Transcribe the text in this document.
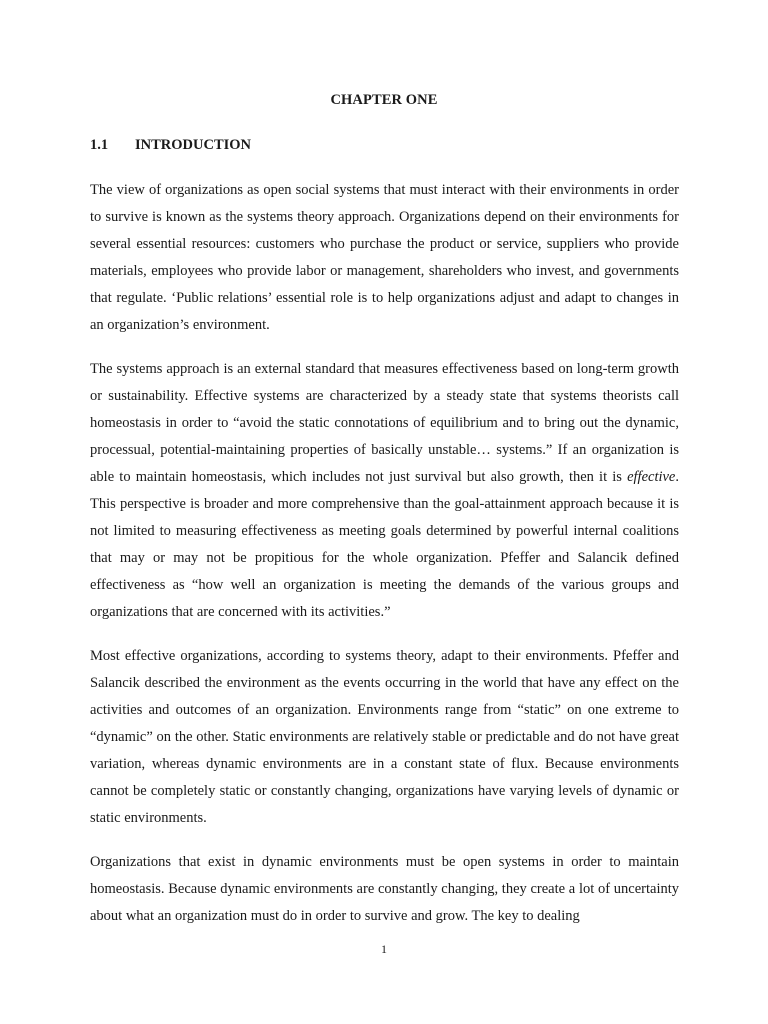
CHAPTER ONE
1.1 INTRODUCTION

The view of organizations as open social systems that must interact with their environments in order to survive is known as the systems theory approach. Organizations depend on their environments for several essential resources: customers who purchase the product or service, suppliers who provide materials, employees who provide labor or management, shareholders who invest, and governments that regulate. ‘Public relations’ essential role is to help organizations adjust and adapt to changes in an organization’s environment.

The systems approach is an external standard that measures effectiveness based on long-term growth or sustainability. Effective systems are characterized by a steady state that systems theorists call homeostasis in order to “avoid the static connotations of equilibrium and to bring out the dynamic, processual, potential-maintaining properties of basically unstable… systems.” If an organization is able to maintain homeostasis, which includes not just survival but also growth, then it is effective. This perspective is broader and more comprehensive than the goal-attainment approach because it is not limited to measuring effectiveness as meeting goals determined by powerful internal coalitions that may or may not be propitious for the whole organization. Pfeffer and Salancik defined effectiveness as “how well an organization is meeting the demands of the various groups and organizations that are concerned with its activities.”

Most effective organizations, according to systems theory, adapt to their environments. Pfeffer and Salancik described the environment as the events occurring in the world that have any effect on the activities and outcomes of an organization. Environments range from “static” on one extreme to “dynamic” on the other. Static environments are relatively stable or predictable and do not have great variation, whereas dynamic environments are in a constant state of flux. Because environments cannot be completely static or constantly changing, organizations have varying levels of dynamic or static environments.

Organizations that exist in dynamic environments must be open systems in order to maintain homeostasis. Because dynamic environments are constantly changing, they create a lot of uncertainty about what an organization must do in order to survive and grow. The key to dealing

1
